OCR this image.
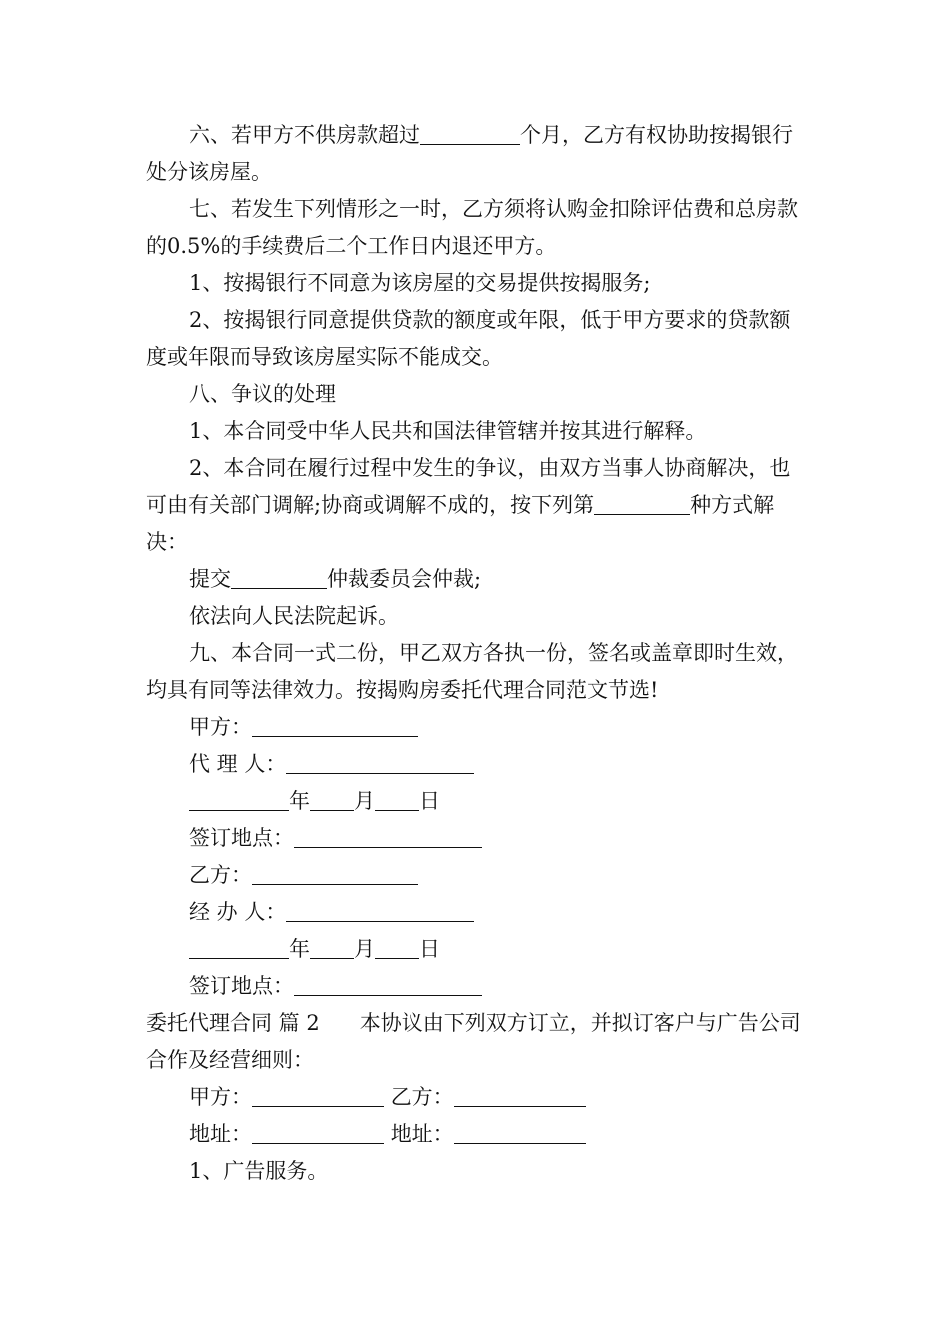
六、若甲方不供房款超过	个月，乙方有权协助按揭银行处分该房屋。

七、若发生下列情形之一时，乙方须将认购金扣除评估费和总房款的0.5%的手续费后二个工作日内退还甲方。

1、按揭银行不同意为该房屋的交易提供按揭服务;

2、按揭银行同意提供贷款的额度或年限，低于甲方要求的贷款额度或年限而导致该房屋实际不能成交。

八、争议的处理

1、本合同受中华人民共和国法律管辖并按其进行解释。

2、本合同在履行过程中发生的争议，由双方当事人协商解决，也可由有关部门调解;协商或调解不成的，按下列第	种方式解决：

提交	仲裁委员会仲裁;

依法向人民法院起诉。

九、本合同一式二份，甲乙双方各执一份，签名或盖章即时生效，均具有同等法律效力。按揭购房委托代理合同范文节选!

甲方：

代 理 人：

年 月 日

签订地点：

乙方：

经 办 人：

年 月 日

签订地点：

委托代理合同 篇 2 本协议由下列双方订立，并拟订客户与广告公司合作及经营细则：

甲方：	乙方：

地址：	地址：

1、广告服务。
